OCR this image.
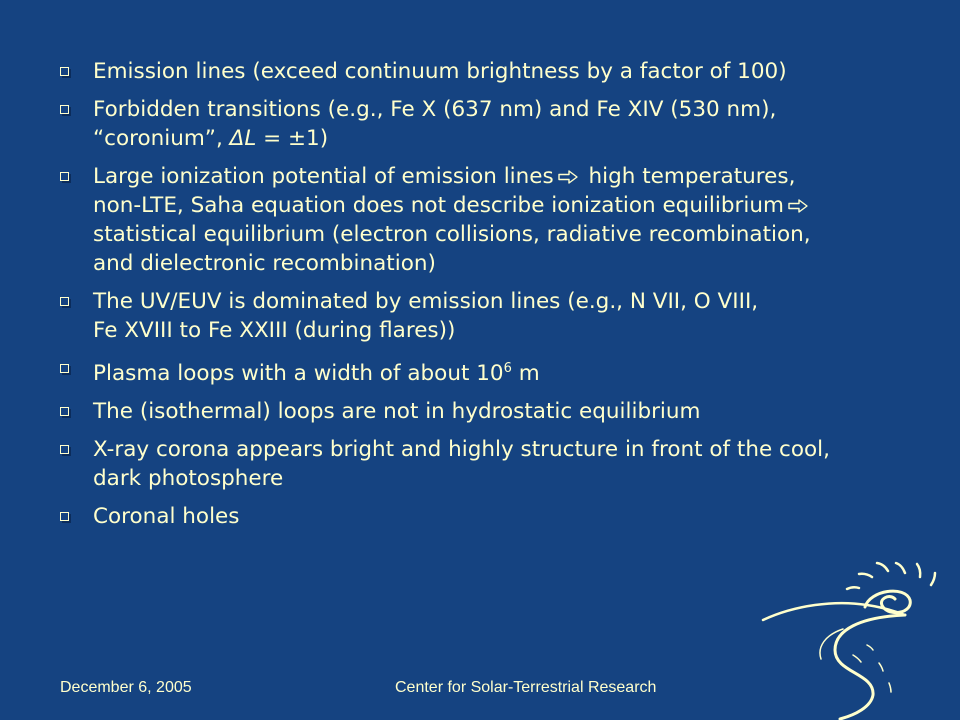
Emission lines (exceed continuum brightness by a factor of 100)
Forbidden transitions (e.g., Fe X (637 nm) and Fe XIV (530 nm),
“coronium”, ΔL = ±1)
Large ionization potential of emission lines
high temperatures,
non-LTE, Saha equation does not describe ionization equilibrium

statistical equilibrium (electron collisions, radiative recombination,
and dielectronic recombination)
The UV/EUV is dominated by emission lines (e.g., N VII, O VIII,
Fe XVIII to Fe XXIII (during flares))
Plasma loops with a width of about $10^6$ m
The (isothermal) loops are not in hydrostatic equilibrium
X-ray corona appears bright and highly structure in front of the cool,
dark photosphere
Coronal holes
December 6, 2005	Center for Solar-Terrestrial Research
